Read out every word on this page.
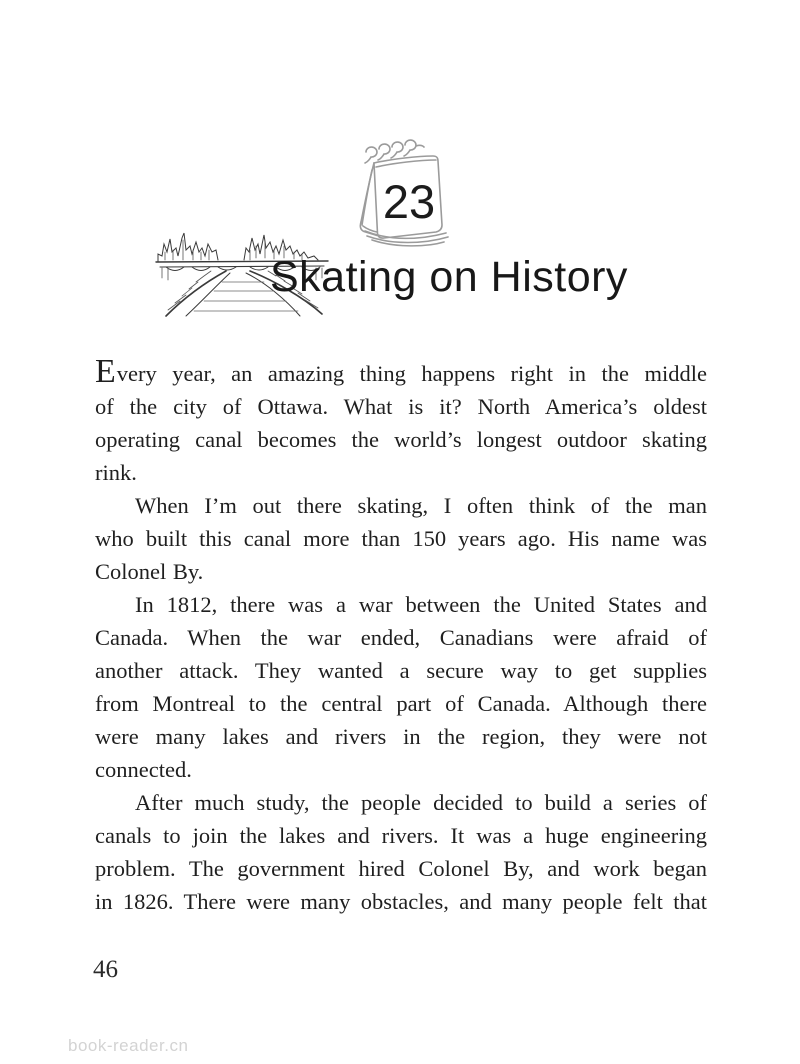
23
Skating on History
Every year, an amazing thing happens right in the middle
of the city of Ottawa. What is it? North America’s oldest
operating canal becomes the world’s longest outdoor skating
rink.
When I’m out there skating, I often think of the man
who built this canal more than 150 years ago. His name was
Colonel By.
In 1812, there was a war between the United States and
Canada. When the war ended, Canadians were afraid of
another attack. They wanted a secure way to get supplies
from Montreal to the central part of Canada. Although there
were many lakes and rivers in the region, they were not
connected.
After much study, the people decided to build a series of
canals to join the lakes and rivers. It was a huge engineering
problem. The government hired Colonel By, and work began
in 1826. There were many obstacles, and many people felt that
46
book-reader.cn
